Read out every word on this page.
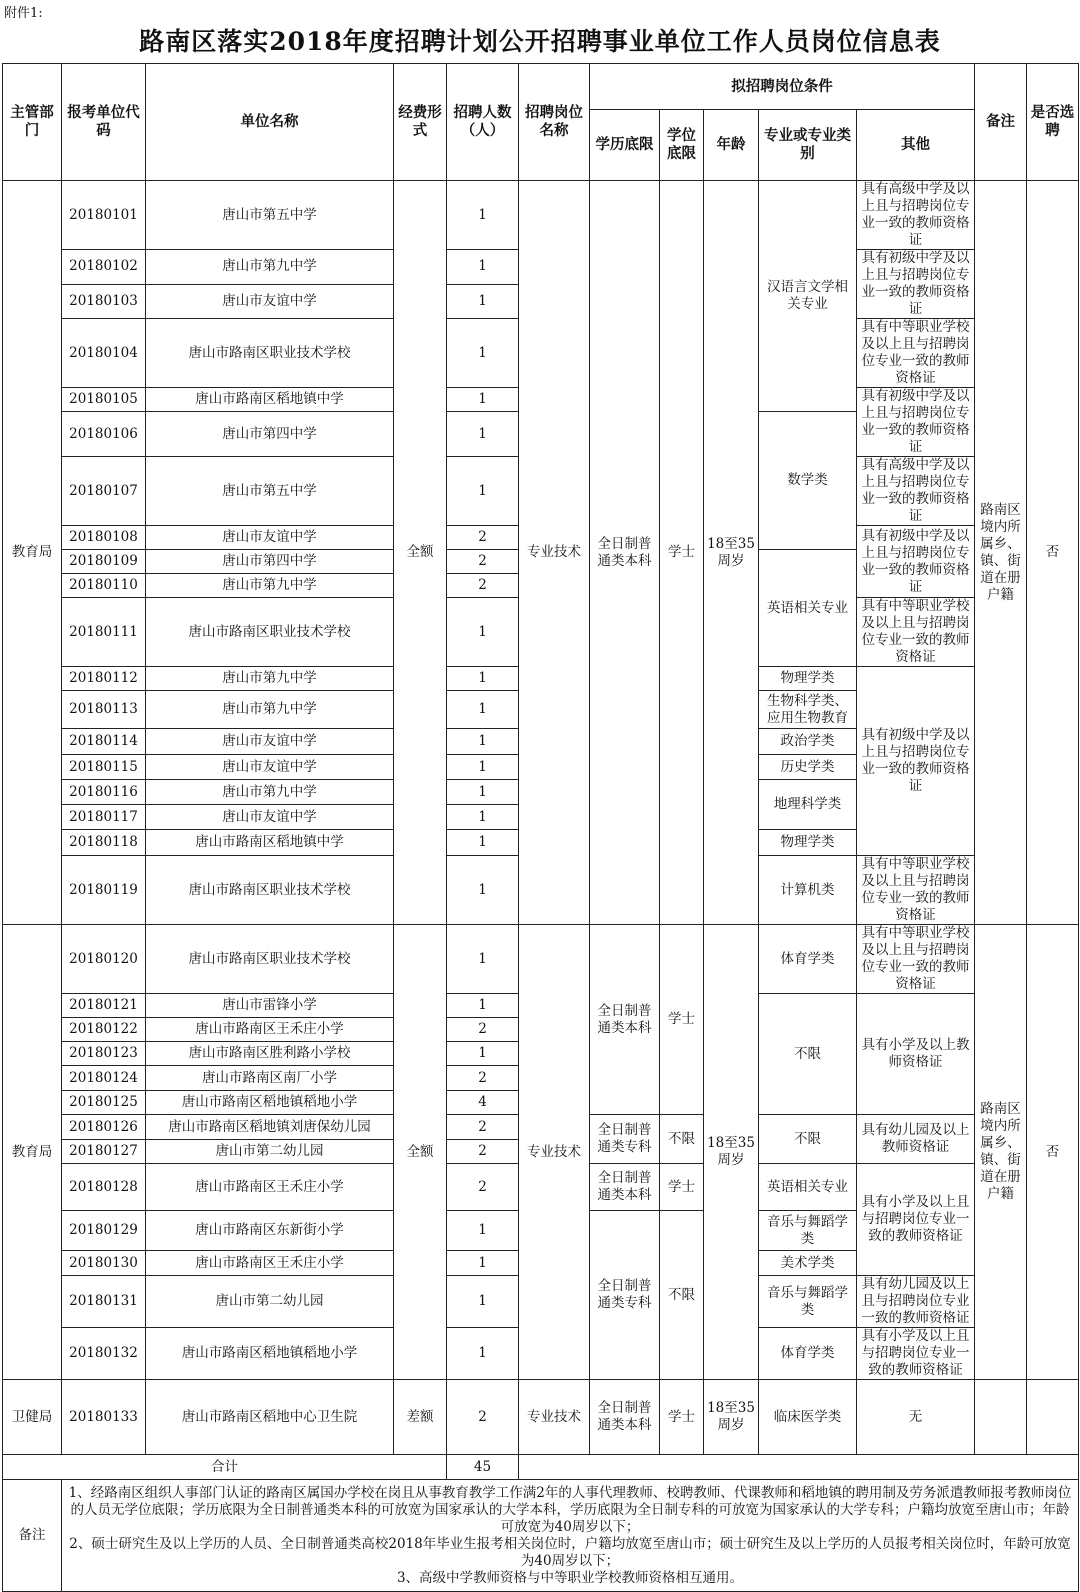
附件1:
路南区落实2018年度招聘计划公开招聘事业单位工作人员岗位信息表
主管部门	报考单位代码	单位名称	经费形式	招聘人数（人）	招聘岗位名称	拟招聘岗位条件					备注	是否选聘
						学历底限	学位底限	年龄	专业或专业类别	其他		
教育局	20180101	唐山市第五中学	全额	1	专业技术	全日制普通类本科	学士	18至35周岁	汉语言文学相关专业	具有高级中学及以上且与招聘岗位专业一致的教师资格证	路南区境内所属乡、镇、街道在册户籍	否
	20180102	唐山市第九中学		1						具有初级中学及以上且与招聘岗位专业一致的教师资格证		
	20180103	唐山市友谊中学		1								
	20180104	唐山市路南区职业技术学校		1						具有中等职业学校及以上且与招聘岗位专业一致的教师资格证		
	20180105	唐山市路南区稻地镇中学		1						具有初级中学及以上且与招聘岗位专业一致的教师资格证		
	20180106	唐山市第四中学		1					数学类			
	20180107	唐山市第五中学		1						具有高级中学及以上且与招聘岗位专业一致的教师资格证		
	20180108	唐山市友谊中学		2						具有初级中学及以上且与招聘岗位专业一致的教师资格证		
	20180109	唐山市第四中学		2					英语相关专业			
	20180110	唐山市第九中学		2								
	20180111	唐山市路南区职业技术学校		1						具有中等职业学校及以上且与招聘岗位专业一致的教师资格证		
	20180112	唐山市第九中学		1					物理学类	具有初级中学及以上且与招聘岗位专业一致的教师资格证		
	20180113	唐山市第九中学		1					生物科学类、应用生物教育			
	20180114	唐山市友谊中学		1					政治学类			
	20180115	唐山市友谊中学		1					历史学类			
	20180116	唐山市第九中学		1					地理科学类			
	20180117	唐山市友谊中学		1								
	20180118	唐山市路南区稻地镇中学		1					物理学类			
	20180119	唐山市路南区职业技术学校		1					计算机类	具有中等职业学校及以上且与招聘岗位专业一致的教师资格证		
教育局	20180120	唐山市路南区职业技术学校	全额	1	专业技术	全日制普通类本科	学士	18至35周岁	体育学类	具有中等职业学校及以上且与招聘岗位专业一致的教师资格证	路南区境内所属乡、镇、街道在册户籍	否
	20180121	唐山市雷锋小学		1					不限	具有小学及以上教师资格证		
	20180122	唐山市路南区王禾庄小学		2								
	20180123	唐山市路南区胜利路小学校		1								
	20180124	唐山市路南区南厂小学		2								
	20180125	唐山市路南区稻地镇稻地小学		4								
	20180126	唐山市路南区稻地镇刘唐保幼儿园		2		全日制普通类专科	不限		不限	具有幼儿园及以上教师资格证		
	20180127	唐山市第二幼儿园		2								
	20180128	唐山市路南区王禾庄小学		2		全日制普通类本科	学士		英语相关专业	具有小学及以上且与招聘岗位专业一致的教师资格证		
	20180129	唐山市路南区东新街小学		1		全日制普通类专科	不限		音乐与舞蹈学类			
	20180130	唐山市路南区王禾庄小学		1					美术学类			
	20180131	唐山市第二幼儿园		1					音乐与舞蹈学类	具有幼儿园及以上且与招聘岗位专业一致的教师资格证		
	20180132	唐山市路南区稻地镇稻地小学		1					体育学类	具有小学及以上且与招聘岗位专业一致的教师资格证		
卫健局	20180133	唐山市路南区稻地中心卫生院	差额	2	专业技术	全日制普通类本科	学士	18至35周岁	临床医学类	无		
合计				45								
备注	1、经路南区组织人事部门认证的路南区属国办学校在岗且从事教育教学工作满2年的人事代理教师、校聘教师、代课教师和稻地镇的聘用制及劳务派遣教师报考教师岗位的人员无学位底限；学历底限为全日制普通类本科的可放宽为国家承认的大学本科，学历底限为全日制专科的可放宽为国家承认的大学专科；户籍均放宽至唐山市；年龄可放宽为40周岁以下；
2、硕士研究生及以上学历的人员、全日制普通类高校2018年毕业生报考相关岗位时，户籍均放宽至唐山市；硕士研究生及以上学历的人员报考相关岗位时，年龄可放宽为40周岁以下；
3、高级中学教师资格与中等职业学校教师资格相互通用。											
